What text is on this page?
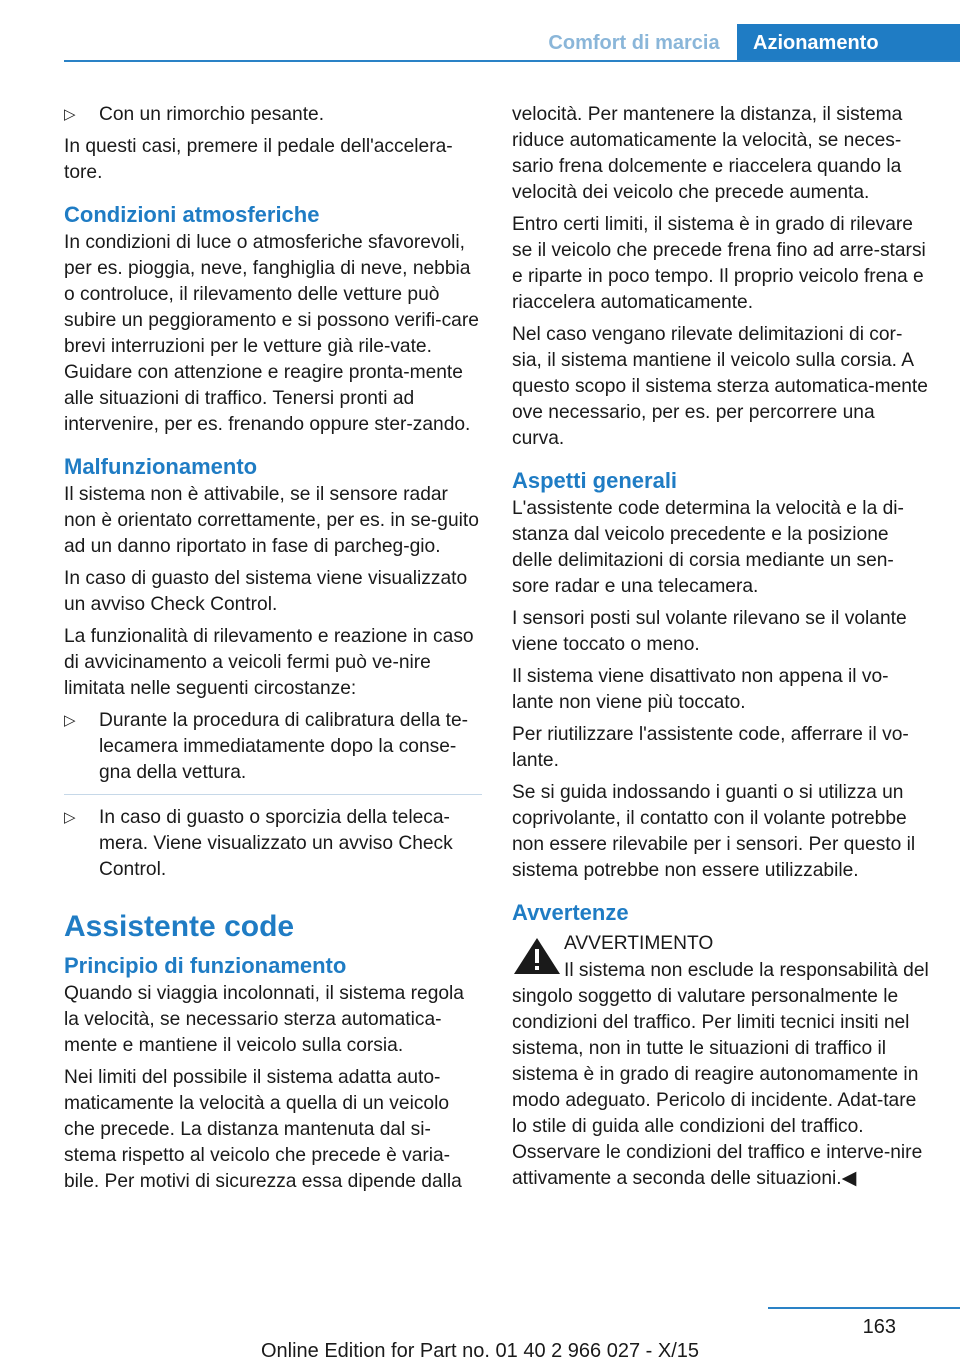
Comfort di marcia	Azionamento
▷	Con un rimorchio pesante.

In questi casi, premere il pedale dell'accelera‐tore.

Condizioni atmosferiche

In condizioni di luce o atmosferiche sfavorevoli, per es. pioggia, neve, fanghiglia di neve, nebbia o controluce, il rilevamento delle vetture può subire un peggioramento e si possono verifi‐care brevi interruzioni per le vetture già rile‐vate. Guidare con attenzione e reagire pronta‐mente alle situazioni di traffico. Tenersi pronti ad intervenire, per es. frenando oppure ster‐zando.

Malfunzionamento

Il sistema non è attivabile, se il sensore radar non è orientato correttamente, per es. in se‐guito ad un danno riportato in fase di parcheg‐gio.

In caso di guasto del sistema viene visualizzato un avviso Check Control.

La funzionalità di rilevamento e reazione in caso di avvicinamento a veicoli fermi può ve‐nire limitata nelle seguenti circostanze:

▷	Durante la procedura di calibratura della te‐lecamera immediatamente dopo la conse‐gna della vettura.
▷	In caso di guasto o sporcizia della teleca‐mera. Viene visualizzato un avviso Check Control.
Assistente code
Principio di funzionamento

Quando si viaggia incolonnati, il sistema regola la velocità, se necessario sterza automatica‐mente e mantiene il veicolo sulla corsia.

Nei limiti del possibile il sistema adatta auto‐maticamente la velocità a quella di un veicolo che precede. La distanza mantenuta dal si‐stema rispetto al veicolo che precede è varia‐bile. Per motivi di sicurezza essa dipende dalla

velocità. Per mantenere la distanza, il sistema riduce automaticamente la velocità, se neces‐sario frena dolcemente e riaccelera quando la velocità dei veicolo che precede aumenta.

Entro certi limiti, il sistema è in grado di rilevare se il veicolo che precede frena fino ad arre‐starsi e riparte in poco tempo. Il proprio veicolo frena e riaccelera automaticamente.

Nel caso vengano rilevate delimitazioni di cor‐sia, il sistema mantiene il veicolo sulla corsia. A questo scopo il sistema sterza automatica‐mente ove necessario, per es. per percorrere una curva.

Aspetti generali

L'assistente code determina la velocità e la di‐stanza dal veicolo precedente e la posizione delle delimitazioni di corsia mediante un sen‐sore radar e una telecamera.

I sensori posti sul volante rilevano se il volante viene toccato o meno.

Il sistema viene disattivato non appena il vo‐lante non viene più toccato.

Per riutilizzare l'assistente code, afferrare il vo‐lante.

Se si guida indossando i guanti o si utilizza un coprivolante, il contatto con il volante potrebbe non essere rilevabile per i sensori. Per questo il sistema potrebbe non essere utilizzabile.

Avvertenze
AVVERTIMENTO
Il sistema non esclude la responsabilità del singolo soggetto di valutare personalmente le condizioni del traffico. Per limiti tecnici insiti nel sistema, non in tutte le situazioni di traffico il sistema è in grado di reagire autonomamente in modo adeguato. Pericolo di incidente. Adat‐tare lo stile di guida alle condizioni del traffico. Osservare le condizioni del traffico e interve‐nire attivamente a seconda delle situazioni.◀
163
Online Edition for Part no. 01 40 2 966 027 - X/15
